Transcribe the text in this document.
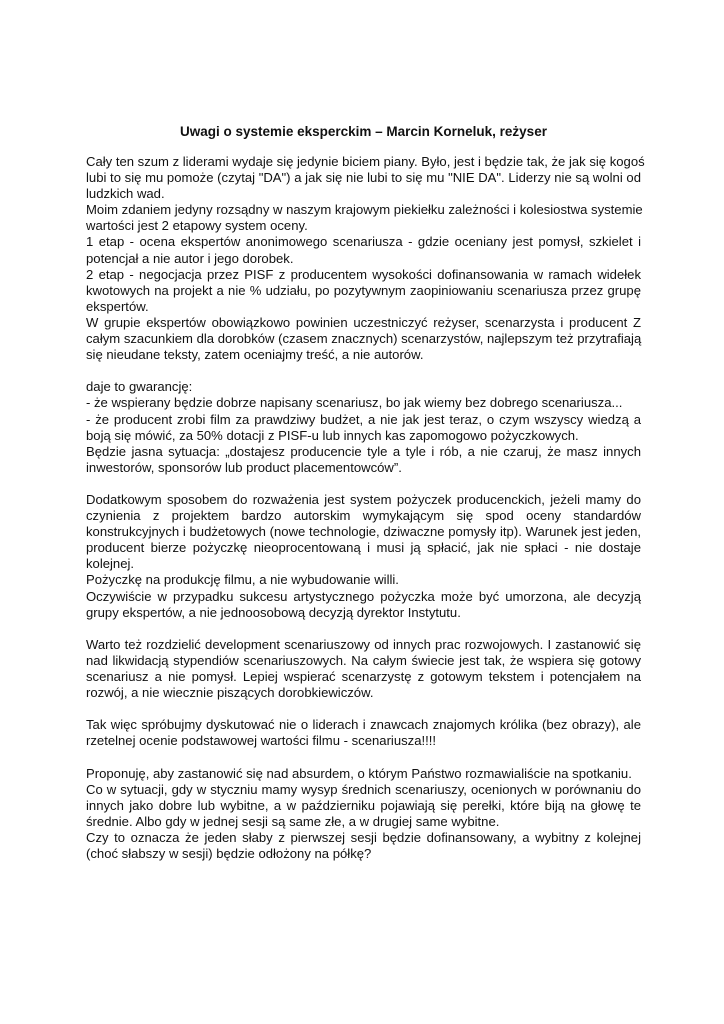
Uwagi o systemie eksperckim – Marcin Korneluk, reżyser
Cały ten szum z liderami wydaje się jedynie biciem piany. Było, jest i będzie tak, że jak się kogoś
lubi to się mu pomoże (czytaj "DA") a jak się nie lubi to się mu "NIE DA". Liderzy nie są wolni od
ludzkich wad.
Moim zdaniem jedyny rozsądny w naszym krajowym piekiełku zależności i kolesiostwa systemie
wartości jest 2 etapowy system oceny.
1 etap - ocena ekspertów anonimowego scenariusza - gdzie oceniany jest pomysł, szkielet i
potencjał a nie autor i jego dorobek.
2 etap - negocjacja przez PISF z producentem wysokości dofinansowania w ramach widełek
kwotowych na projekt a nie % udziału, po pozytywnym zaopiniowaniu scenariusza przez grupę
ekspertów.
W grupie ekspertów obowiązkowo powinien uczestniczyć reżyser, scenarzysta i producent Z
całym szacunkiem dla dorobków (czasem znacznych) scenarzystów, najlepszym też przytrafiają
się nieudane teksty, zatem oceniajmy treść, a nie autorów.
daje to gwarancję:
- że wspierany będzie dobrze napisany scenariusz, bo jak wiemy bez dobrego scenariusza...
- że producent zrobi film za prawdziwy budżet, a nie jak jest teraz, o czym wszyscy wiedzą a
boją się mówić, za 50% dotacji z PISF-u lub innych kas zapomogowo pożyczkowych.
Będzie jasna sytuacja: „dostajesz producencie tyle a tyle i rób, a nie czaruj, że masz innych
inwestorów, sponsorów lub product placementowców”.
Dodatkowym sposobem do rozważenia jest system pożyczek producenckich, jeżeli mamy do
czynienia z projektem bardzo autorskim wymykającym się spod oceny standardów
konstrukcyjnych i budżetowych (nowe technologie, dziwaczne pomysły itp). Warunek jest jeden,
producent bierze pożyczkę nieoprocentowaną i musi ją spłacić, jak nie spłaci - nie dostaje
kolejnej.
Pożyczkę na produkcję filmu, a nie wybudowanie willi.
Oczywiście w przypadku sukcesu artystycznego pożyczka może być umorzona, ale decyzją
grupy ekspertów, a nie jednoosobową decyzją dyrektor Instytutu.
Warto też rozdzielić development scenariuszowy od innych prac rozwojowych. I zastanowić się
nad likwidacją stypendiów scenariuszowych. Na całym świecie jest tak, że wspiera się gotowy
scenariusz a nie pomysł. Lepiej wspierać scenarzystę z gotowym tekstem i potencjałem na
rozwój, a nie wiecznie piszących dorobkiewiczów.
Tak więc spróbujmy dyskutować nie o liderach i znawcach znajomych królika (bez obrazy), ale
rzetelnej ocenie podstawowej wartości filmu - scenariusza!!!!
Proponuję, aby zastanowić się nad absurdem, o którym Państwo rozmawialiście na spotkaniu.
Co w sytuacji, gdy w styczniu mamy wysyp średnich scenariuszy, ocenionych w porównaniu do
innych jako dobre lub wybitne, a w październiku pojawiają się perełki, które biją na głowę te
średnie. Albo gdy w jednej sesji są same złe, a w drugiej same wybitne.
Czy to oznacza że jeden słaby z pierwszej sesji będzie dofinansowany, a wybitny z kolejnej
(choć słabszy w sesji) będzie odłożony na półkę?
